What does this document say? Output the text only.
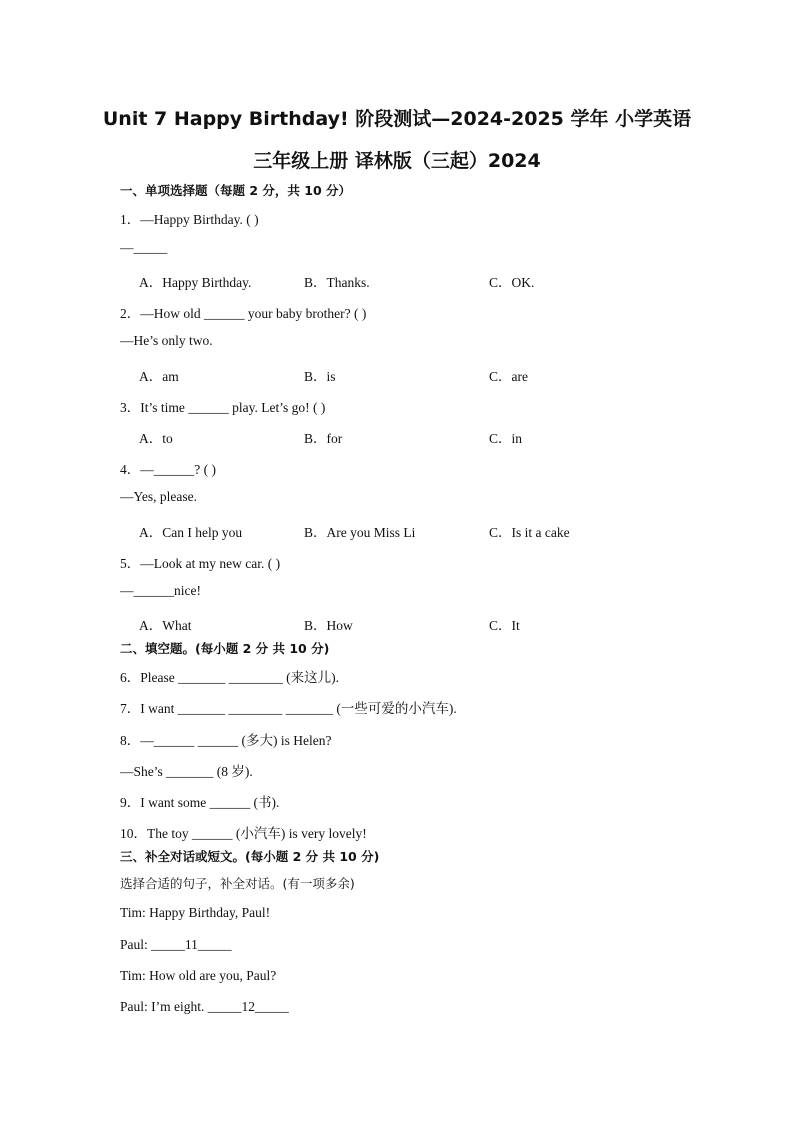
Unit 7 Happy Birthday! 阶段测试—2024-2025 学年 小学英语
三年级上册 译林版（三起）2024
一、单项选择题（每题 2 分，共 10 分）
1．—Happy Birthday. ( )
—_____
A．Happy Birthday.	B．Thanks.	C．OK.
2．—How old ______ your baby brother? ( )
—He’s only two.
A．am	B．is	C．are
3．It’s time ______ play. Let’s go! ( )
A．to	B．for	C．in
4．—______? ( )
—Yes, please.
A．Can I help you	B．Are you Miss Li	C．Is it a cake
5．—Look at my new car. ( )
—______nice!
A．What	B．How	C．It
二、填空题。(每小题 2 分 共 10 分)
6．Please _______ ________ (来这儿).
7．I want _______ ________ _______ (一些可爱的小汽车).
8．—______ ______ (多大) is Helen?
—She’s _______ (8 岁).
9．I want some ______ (书).
10．The toy ______ (小汽车) is very lovely!
三、补全对话或短文。(每小题 2 分 共 10 分)
选择合适的句子，补全对话。(有一项多余)
Tim: Happy Birthday, Paul!
Paul: _____11_____
Tim: How old are you, Paul?
Paul: I’m eight. _____12_____
